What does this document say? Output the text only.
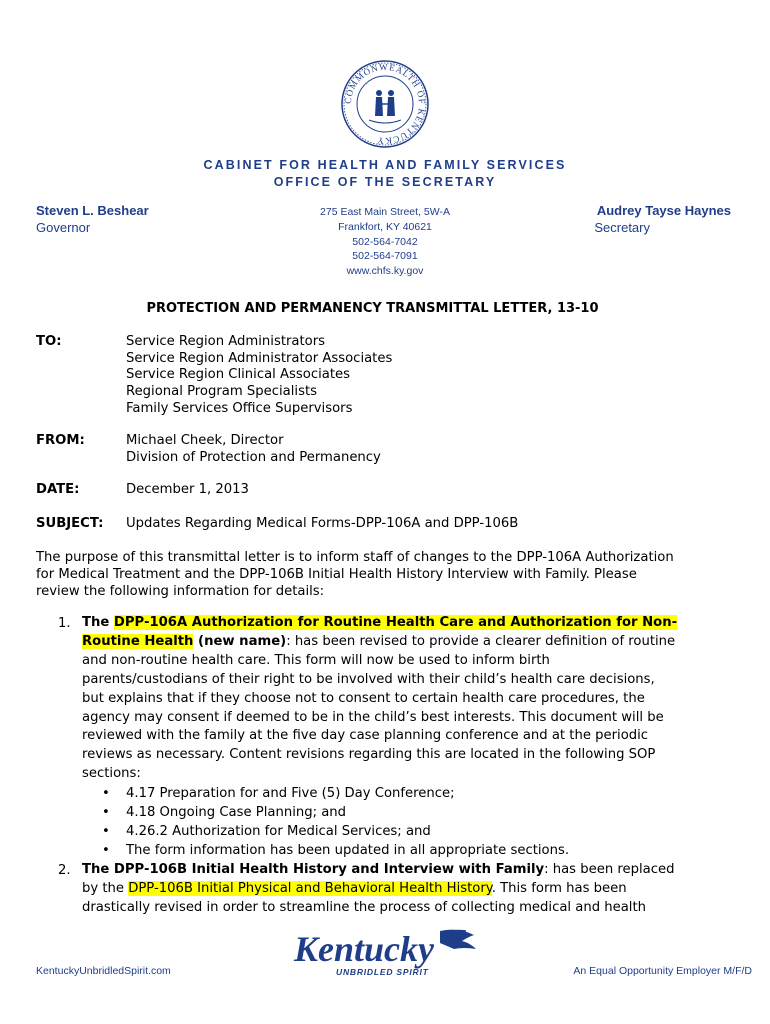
COMMONWEALTH OF KENTUCKY
CABINET FOR HEALTH AND FAMILY SERVICES
OFFICE OF THE SECRETARY
Steven L. Beshear
Governor
275 East Main Street, 5W-A
Frankfort, KY 40621
502-564-7042
502-564-7091
www.chfs.ky.gov
Audrey Tayse Haynes
Secretary
PROTECTION AND PERMANENCY TRANSMITTAL LETTER, 13-10
TO:	Service Region Administrators
Service Region Administrator Associates
Service Region Clinical Associates
Regional Program Specialists
Family Services Office Supervisors
FROM:	Michael Cheek, Director
Division of Protection and Permanency
DATE:	December 1, 2013
SUBJECT: Updates Regarding Medical Forms-DPP-106A and DPP-106B
The purpose of this transmittal letter is to inform staff of changes to the DPP-106A Authorization
for Medical Treatment and the DPP-106B Initial Health History Interview with Family. Please
review the following information for details:
1. The DPP-106A Authorization for Routine Health Care and Authorization for Non-
Routine Health (new name): has been revised to provide a clearer definition of routine
and non-routine health care. This form will now be used to inform birth
parents/custodians of their right to be involved with their child’s health care decisions,
but explains that if they choose not to consent to certain health care procedures, the
agency may consent if deemed to be in the child’s best interests. This document will be
reviewed with the family at the five day case planning conference and at the periodic
reviews as necessary. Content revisions regarding this are located in the following SOP
sections:
• 4.17 Preparation for and Five (5) Day Conference;
• 4.18 Ongoing Case Planning; and
• 4.26.2 Authorization for Medical Services; and
• The form information has been updated in all appropriate sections.
2. The DPP-106B Initial Health History and Interview with Family: has been replaced
by the DPP-106B Initial Physical and Behavioral Health History. This form has been
drastically revised in order to streamline the process of collecting medical and health
Kentucky
UNBRIDLED SPIRIT
KentuckyUnbridledSpirit.com	An Equal Opportunity Employer M/F/D
